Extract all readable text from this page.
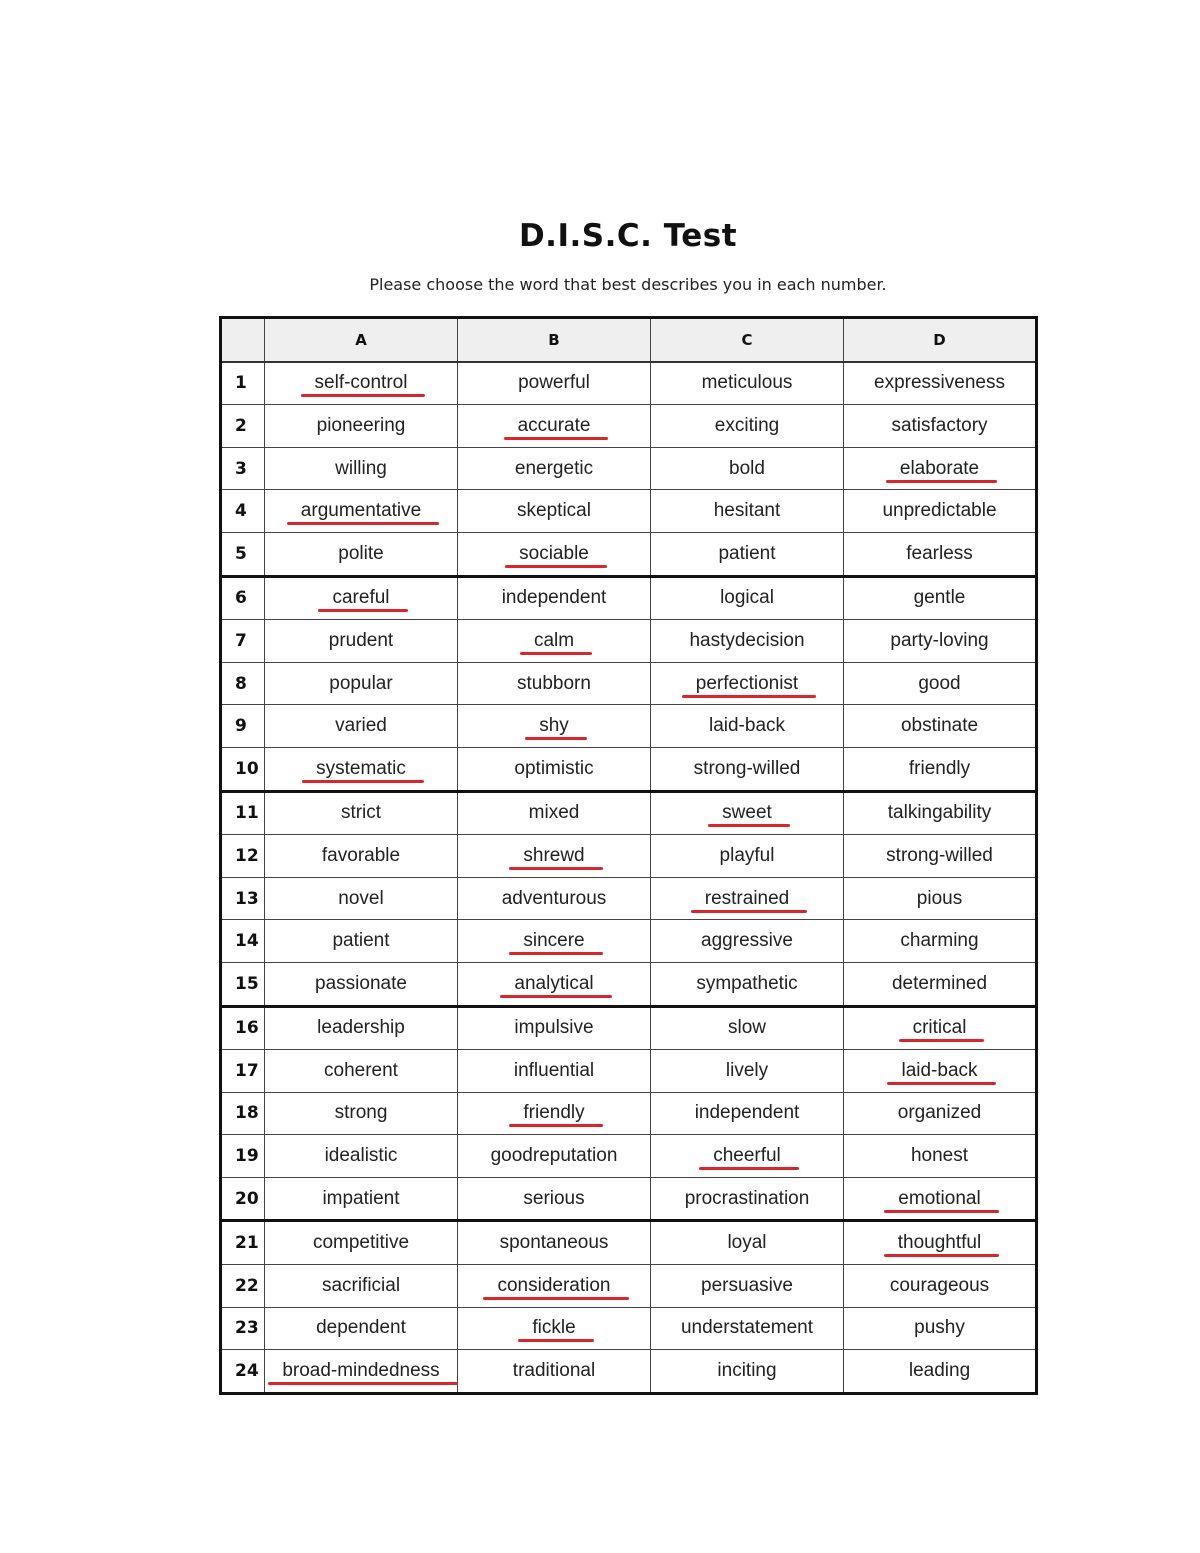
D.I.S.C. Test
Please choose the word that best describes you in each number.
	A	B	C	D
1	self-control	powerful	meticulous	expressiveness
2	pioneering	accurate	exciting	satisfactory
3	willing	energetic	bold	elaborate
4	argumentative	skeptical	hesitant	unpredictable
5	polite	sociable	patient	fearless
6	careful	independent	logical	gentle
7	prudent	calm	hastydecision	party-loving
8	popular	stubborn	perfectionist	good
9	varied	shy	laid-back	obstinate
10	systematic	optimistic	strong-willed	friendly
11	strict	mixed	sweet	talkingability
12	favorable	shrewd	playful	strong-willed
13	novel	adventurous	restrained	pious
14	patient	sincere	aggressive	charming
15	passionate	analytical	sympathetic	determined
16	leadership	impulsive	slow	critical
17	coherent	influential	lively	laid-back
18	strong	friendly	independent	organized
19	idealistic	goodreputation	cheerful	honest
20	impatient	serious	procrastination	emotional
21	competitive	spontaneous	loyal	thoughtful
22	sacrificial	consideration	persuasive	courageous
23	dependent	fickle	understatement	pushy
24	broad-mindedness	traditional	inciting	leading
